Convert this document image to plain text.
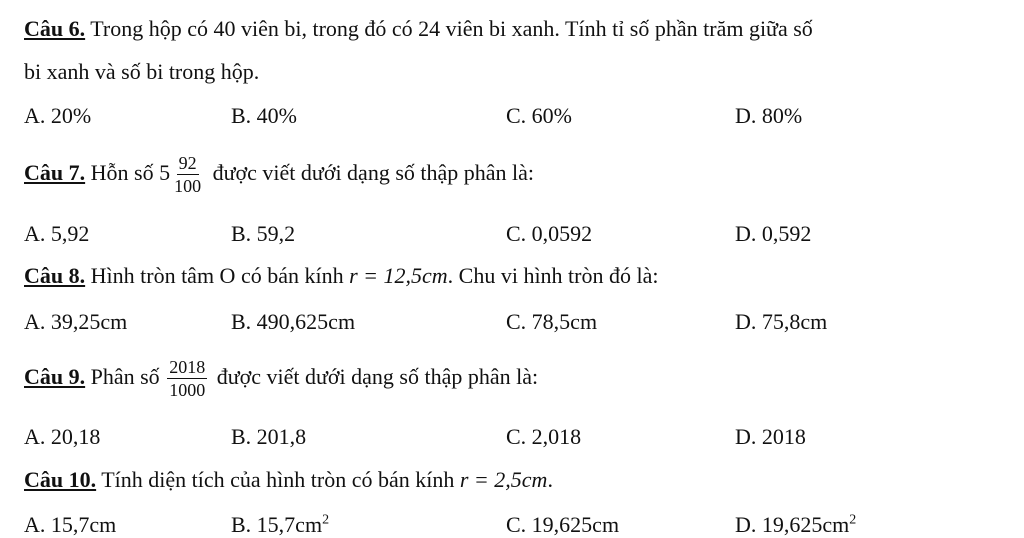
Câu 6. Trong hộp có 40 viên bi, trong đó có 24 viên bi xanh. Tính tỉ số phần trăm giữa số
bi xanh và số bi trong hộp.
A. 20%	B. 40%	C. 60%	D. 80%
Câu 7. Hỗn số $5 \frac{92}{100}$ được viết dưới dạng số thập phân là:
A. 5,92	B. 59,2	C. 0,0592	D. 0,592
Câu 8. Hình tròn tâm O có bán kính r = 12,5cm. Chu vi hình tròn đó là:
A. 39,25cm	B. 490,625cm	C. 78,5cm	D. 75,8cm
Câu 9. Phân số $\frac{2018}{1000}$ được viết dưới dạng số thập phân là:
A. 20,18	B. 201,8	C. 2,018	D. 2018
Câu 10. Tính diện tích của hình tròn có bán kính r = 2,5cm.
A. 15,7cm	B. $15,7cm^2$	C. 19,625cm	D. $19,625cm^2$
